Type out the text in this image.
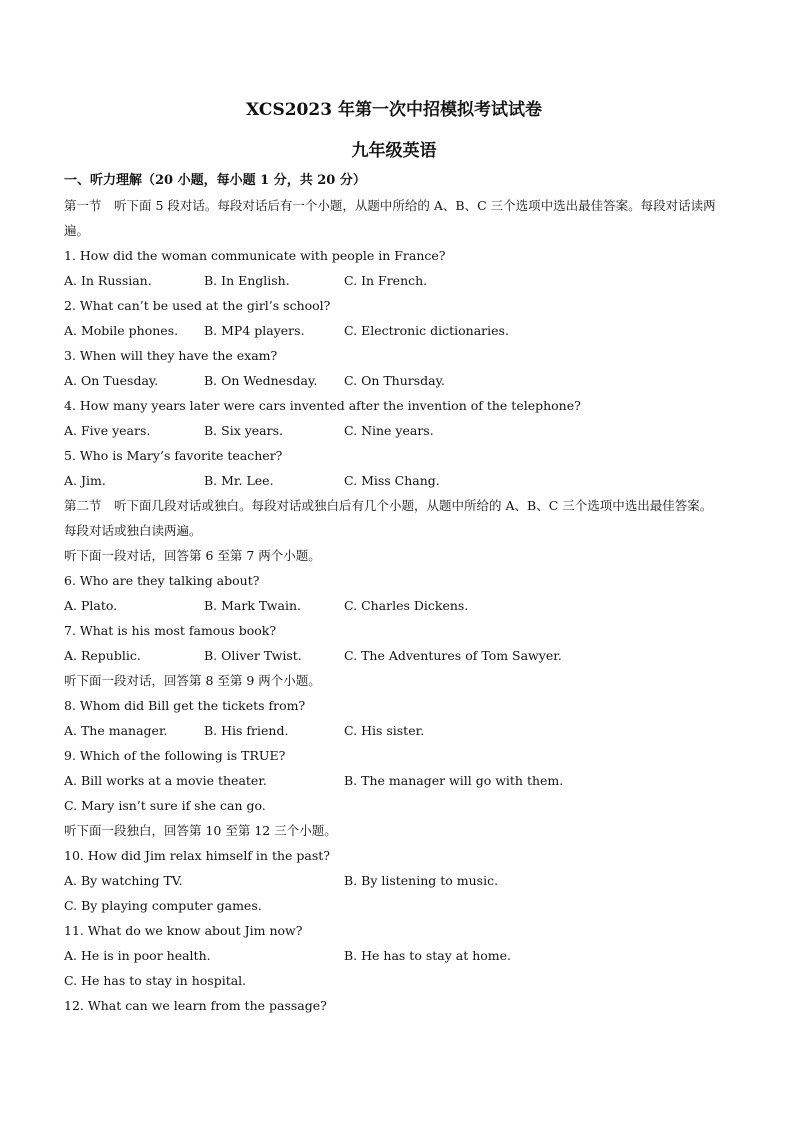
XCS2023 年第一次中招模拟考试试卷
九年级英语
一、听力理解（20 小题，每小题 1 分，共 20 分）
第一节　听下面 5 段对话。每段对话后有一个小题，从题中所给的 A、B、C 三个选项中选出最佳答案。每段对话读两遍。
1. How did the woman communicate with people in France?
A. In Russian.	B. In English.	C. In French.
2. What can’t be used at the girl’s school?
A. Mobile phones.	B. MP4 players.	C. Electronic dictionaries.
3. When will they have the exam?
A. On Tuesday.	B. On Wednesday.	C. On Thursday.
4. How many years later were cars invented after the invention of the telephone?
A. Five years.	B. Six years.	C. Nine years.
5. Who is Mary’s favorite teacher?
A. Jim.	B. Mr. Lee.	C. Miss Chang.
第二节　听下面几段对话或独白。每段对话或独白后有几个小题，从题中所给的 A、B、C 三个选项中选出最佳答案。每段对话或独白读两遍。
听下面一段对话，回答第 6 至第 7 两个小题。
6. Who are they talking about?
A. Plato.	B. Mark Twain.	C. Charles Dickens.
7. What is his most famous book?
A. Republic.	B. Oliver Twist.	C. The Adventures of Tom Sawyer.
听下面一段对话，回答第 8 至第 9 两个小题。
8. Whom did Bill get the tickets from?
A. The manager.	B. His friend.	C. His sister.
9. Which of the following is TRUE?
A. Bill works at a movie theater.	B. The manager will go with them.
C. Mary isn’t sure if she can go.
听下面一段独白，回答第 10 至第 12 三个小题。
10. How did Jim relax himself in the past?
A. By watching TV.	B. By listening to music.
C. By playing computer games.
11. What do we know about Jim now?
A. He is in poor health.	B. He has to stay at home.
C. He has to stay in hospital.
12. What can we learn from the passage?
